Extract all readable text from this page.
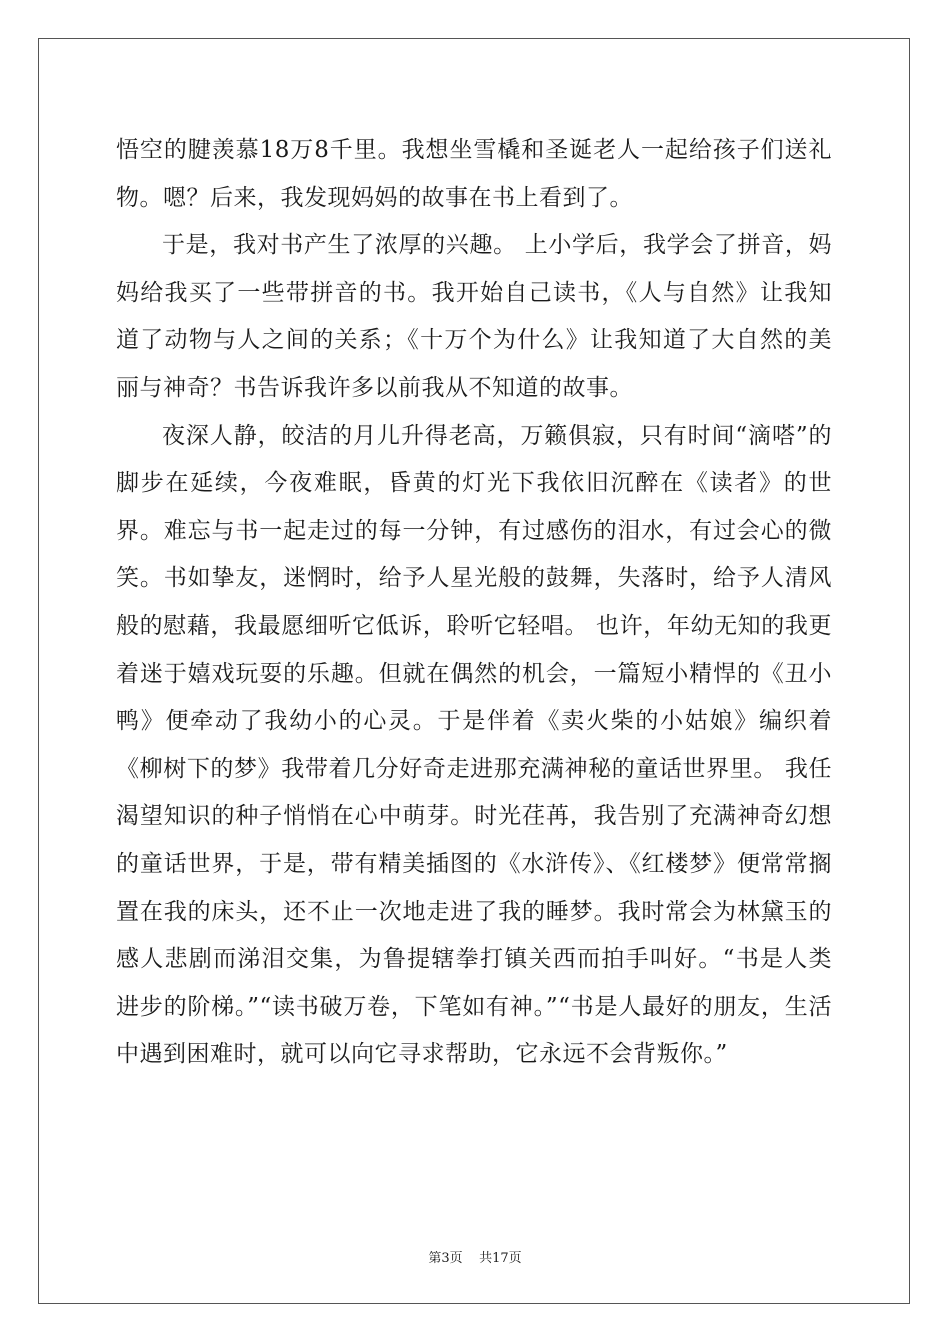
悟空的腱羡慕18万8千里。我想坐雪橇和圣诞老人一起给孩子们送礼物。嗯？后来，我发现妈妈的故事在书上看到了。

于是，我对书产生了浓厚的兴趣。 上小学后，我学会了拼音，妈妈给我买了一些带拼音的书。我开始自己读书，《人与自然》让我知道了动物与人之间的关系；《十万个为什么》让我知道了大自然的美丽与神奇？书告诉我许多以前我从不知道的故事。

夜深人静，皎洁的月儿升得老高，万籁俱寂，只有时间“滴嗒”的脚步在延续，今夜难眠，昏黄的灯光下我依旧沉醉在《读者》的世界。难忘与书一起走过的每一分钟，有过感伤的泪水，有过会心的微笑。书如挚友，迷惘时，给予人星光般的鼓舞，失落时，给予人清风般的慰藉，我最愿细听它低诉，聆听它轻唱。 也许，年幼无知的我更着迷于嬉戏玩耍的乐趣。但就在偶然的机会，一篇短小精悍的《丑小鸭》便牵动了我幼小的心灵。于是伴着《卖火柴的小姑娘》编织着《柳树下的梦》我带着几分好奇走进那充满神秘的童话世界里。 我任渴望知识的种子悄悄在心中萌芽。时光荏苒，我告别了充满神奇幻想的童话世界，于是，带有精美插图的《水浒传》、《红楼梦》便常常搁置在我的床头，还不止一次地走进了我的睡梦。我时常会为林黛玉的感人悲剧而涕泪交集，为鲁提辖拳打镇关西而拍手叫好。“书是人类进步的阶梯。”“读书破万卷，下笔如有神。”“书是人最好的朋友，生活中遇到困难时，就可以向它寻求帮助，它永远不会背叛你。”

第3页    共17页
